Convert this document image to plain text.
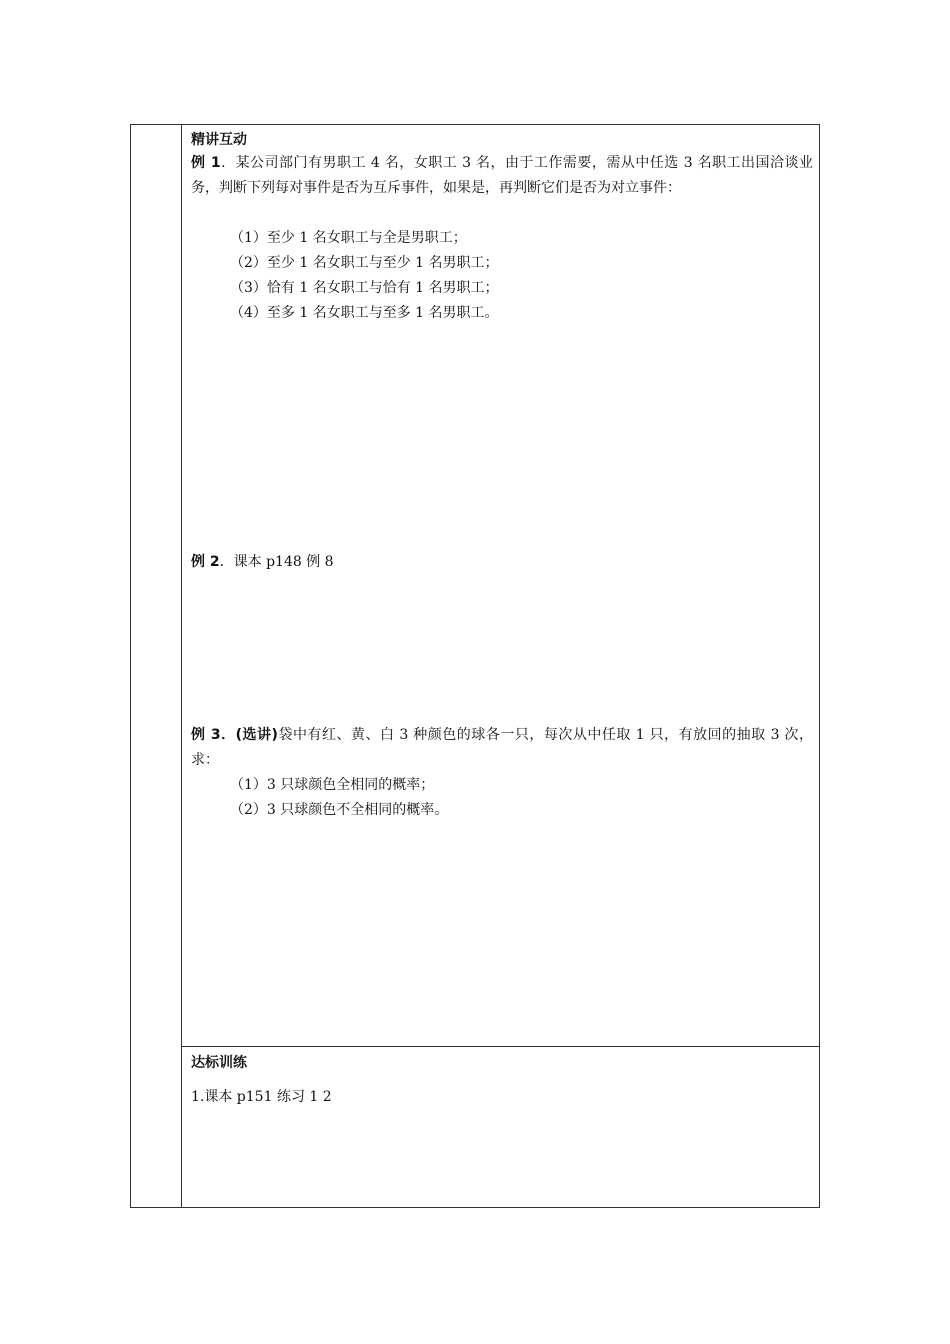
精讲互动

例 1．某公司部门有男职工 4 名，女职工 3 名，由于工作需要，需从中任选 3 名职工出国洽谈业务，判断下列每对事件是否为互斥事件，如果是，再判断它们是否为对立事件：

（1）至少 1 名女职工与全是男职工；

（2）至少 1 名女职工与至少 1 名男职工；

（3）恰有 1 名女职工与恰有 1 名男职工；

（4）至多 1 名女职工与至多 1 名男职工。

例 2．课本 p148 例 8

例 3．(选讲)袋中有红、黄、白 3 种颜色的球各一只，每次从中任取 1 只，有放回的抽取 3 次，求：

（1）3 只球颜色全相同的概率；

（2）3 只球颜色不全相同的概率。

达标训练

1.课本 p151 练习 1 2
